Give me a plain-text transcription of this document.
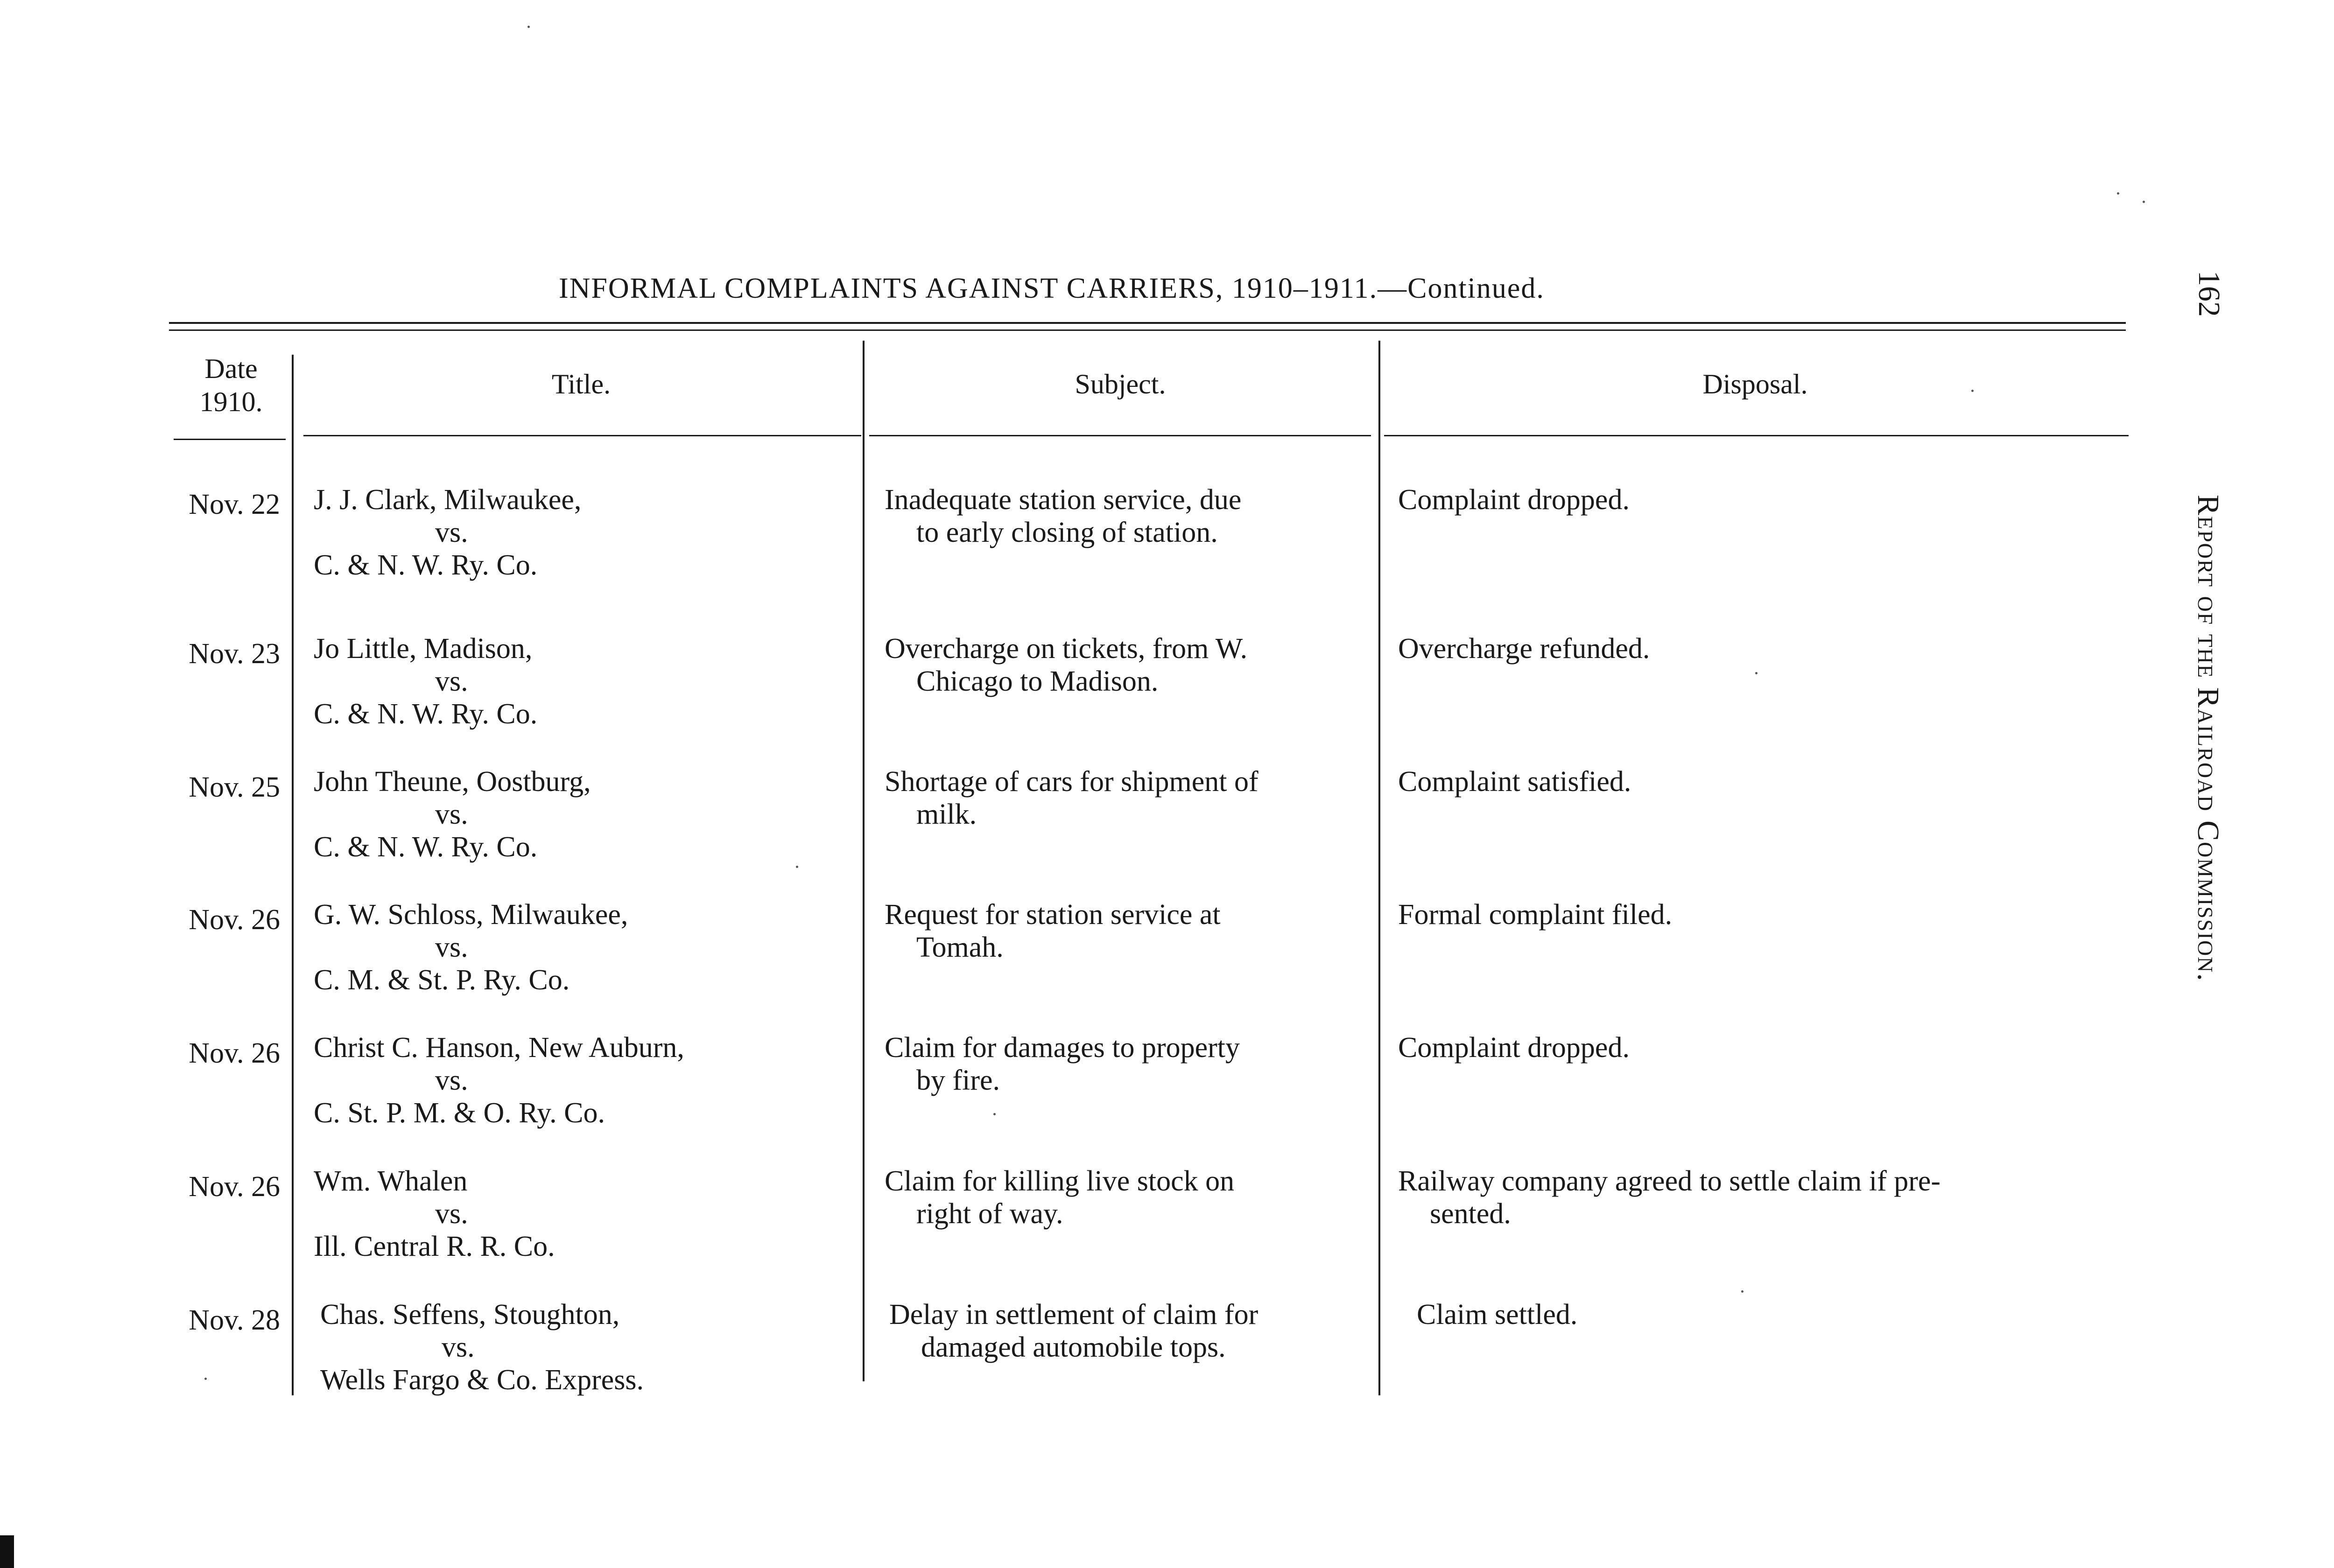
INFORMAL COMPLAINTS AGAINST CARRIERS, 1910–1911.—Continued.
Date
1910.
Title.	Subject.	Disposal.
Nov. 22 J. J. Clark, Milwaukee,
vs.
C. & N. W. Ry. Co.
Inadequate station service, due
to early closing of station.
Complaint dropped.
Nov. 23 Jo Little, Madison,
vs.
C. & N. W. Ry. Co.
Overcharge on tickets, from W.
Chicago to Madison.
Overcharge refunded.
Nov. 25 John Theune, Oostburg,
vs.
C. & N. W. Ry. Co.
Shortage of cars for shipment of
milk.
Complaint satisfied.
Nov. 26 G. W. Schloss, Milwaukee,
vs.
C. M. & St. P. Ry. Co.
Request for station service at
Tomah.
Formal complaint filed.
Nov. 26 Christ C. Hanson, New Auburn,
vs.
C. St. P. M. & O. Ry. Co.
Claim for damages to property
by fire.
Complaint dropped.
Nov. 26 Wm. Whalen
vs.
Ill. Central R. R. Co.
Claim for killing live stock on
right of way.
Railway company agreed to settle claim if pre-
sented.
Nov. 28 Chas. Seffens, Stoughton,
vs.
Wells Fargo & Co. Express.
Delay in settlement of claim for
damaged automobile tops.
Claim settled.
162
Report of the Railroad Commission.
